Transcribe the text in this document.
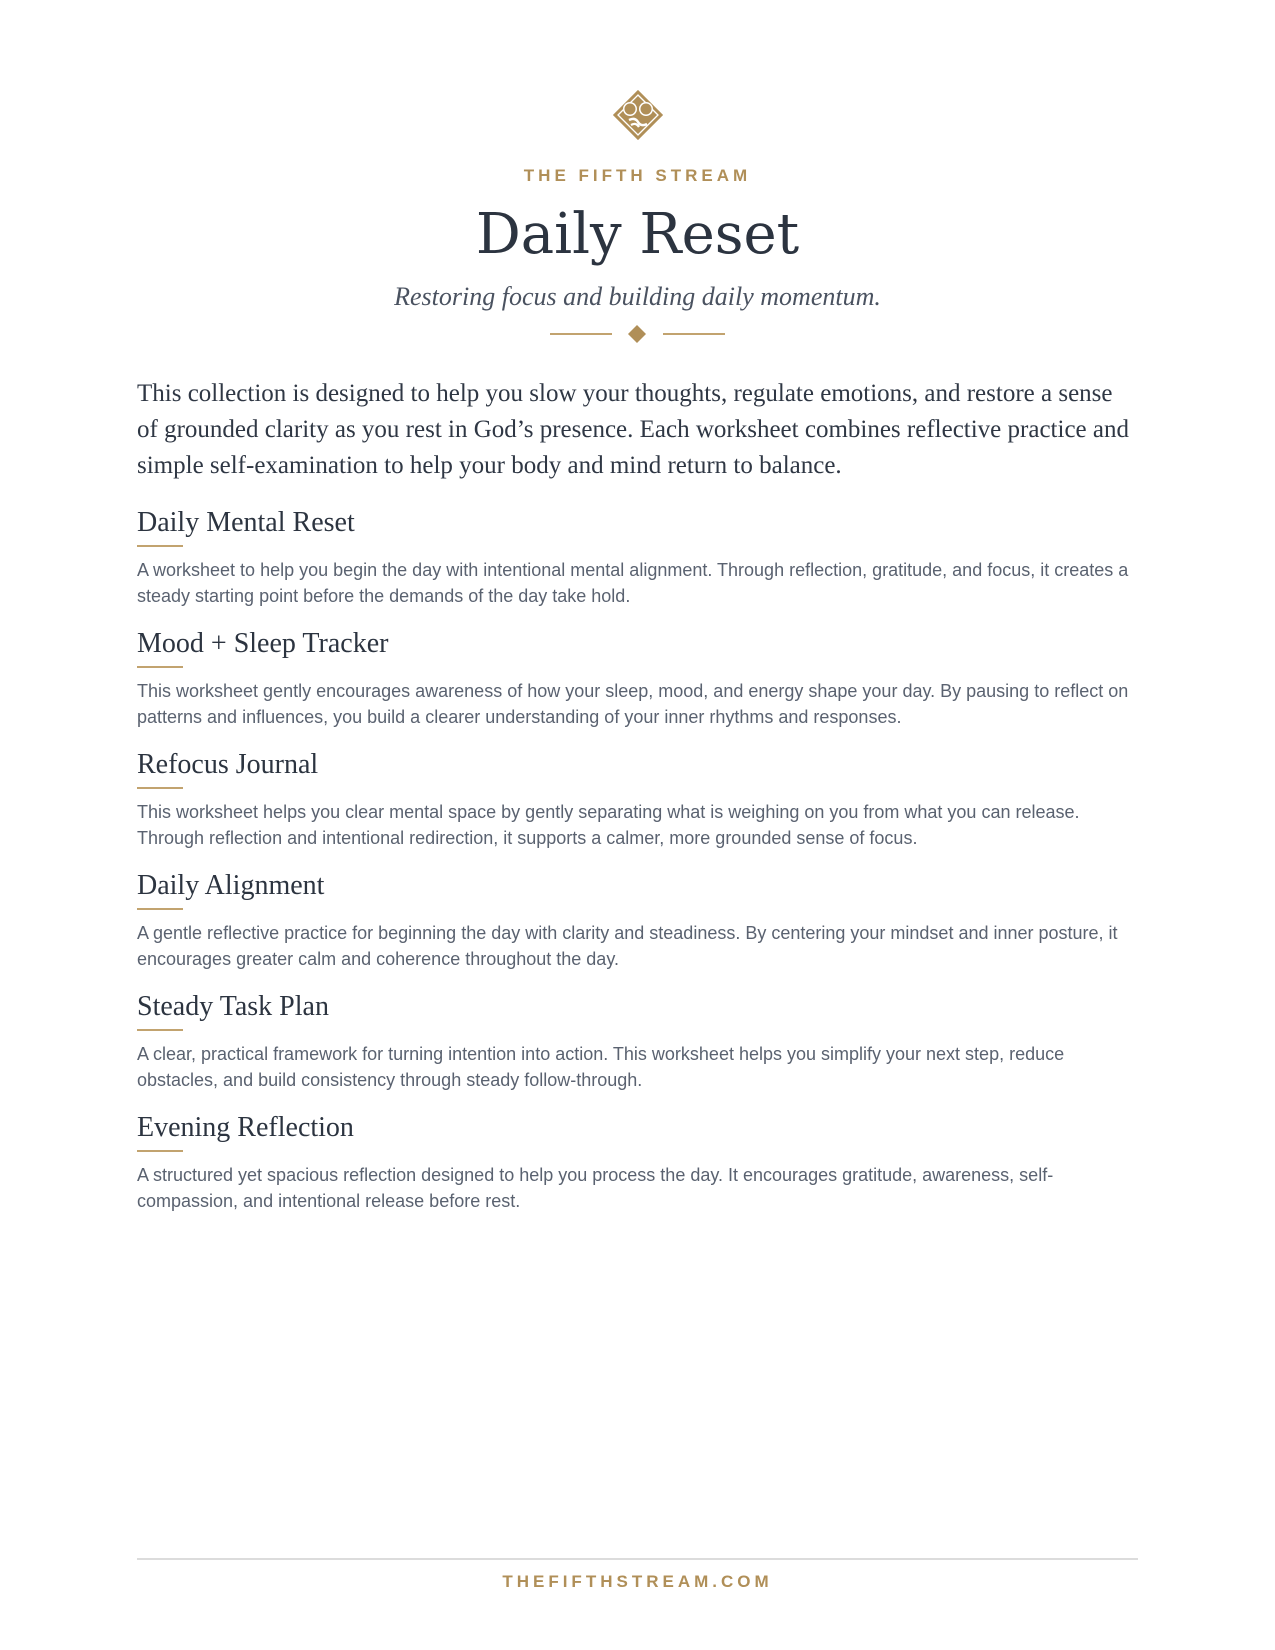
THE FIFTH STREAM
Daily Reset
Restoring focus and building daily momentum.
This collection is designed to help you slow your thoughts, regulate emotions, and restore a sense of grounded clarity as you rest in God’s presence. Each worksheet combines reflective practice and simple self-examination to help your body and mind return to balance.
Daily Mental Reset
A worksheet to help you begin the day with intentional mental alignment. Through reflection, gratitude, and focus, it creates a steady starting point before the demands of the day take hold.
Mood + Sleep Tracker
This worksheet gently encourages awareness of how your sleep, mood, and energy shape your day. By pausing to reflect on patterns and influences, you build a clearer understanding of your inner rhythms and responses.
Refocus Journal
This worksheet helps you clear mental space by gently separating what is weighing on you from what you can release. Through reflection and intentional redirection, it supports a calmer, more grounded sense of focus.
Daily Alignment
A gentle reflective practice for beginning the day with clarity and steadiness. By centering your mindset and inner posture, it encourages greater calm and coherence throughout the day.
Steady Task Plan
A clear, practical framework for turning intention into action. This worksheet helps you simplify your next step, reduce obstacles, and build consistency through steady follow-through.
Evening Reflection
A structured yet spacious reflection designed to help you process the day. It encourages gratitude, awareness, self-compassion, and intentional release before rest.
THEFIFTHSTREAM.COM
